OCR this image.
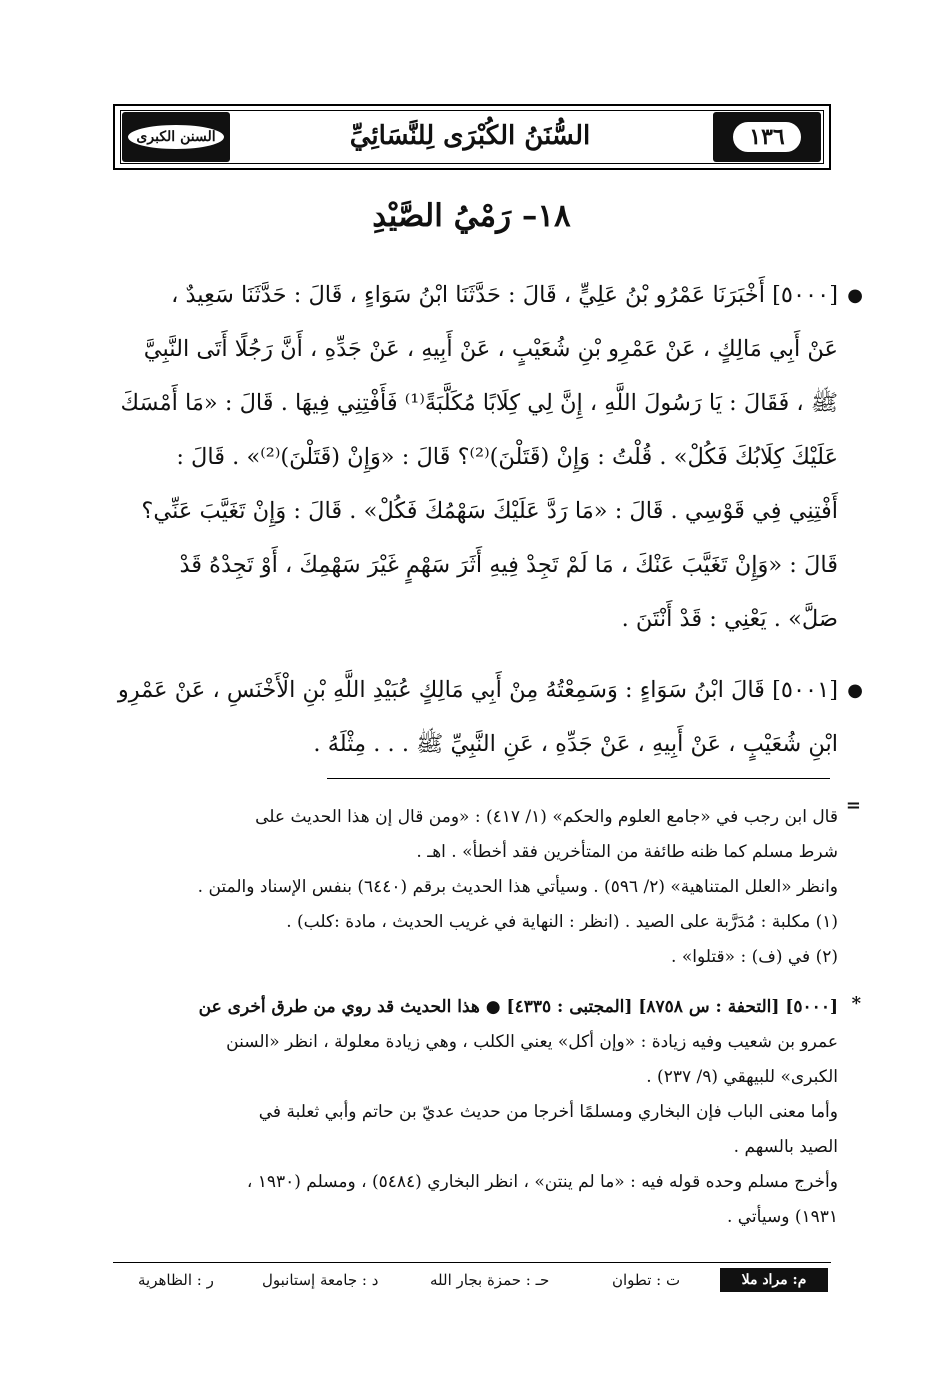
١٣٦
السُّنَنُ الكُبْرَى لِلنَّسَائِيِّ
السنن الكبرى
١٨– رَمْيُ الصَّيْدِ
●
[٥٠٠٠] أَخْبَرَنَا عَمْرُو بْنُ عَلِيٍّ ، قَالَ : حَدَّثَنَا ابْنُ سَوَاءٍ ، قَالَ : حَدَّثَنَا سَعِيدٌ ،
عَنْ أَبِي مَالِكٍ ، عَنْ عَمْرِو بْنِ شُعَيْبٍ ، عَنْ أَبِيهِ ، عَنْ جَدِّهِ ، أَنَّ رَجُلًا أَتَى النَّبِيَّ
ﷺ ، فَقَالَ : يَا رَسُولَ اللَّهِ ، إِنَّ لِي كِلَابًا مُكَلَّبَةً⁽¹⁾ فَأَفْتِنِي فِيهَا . قَالَ : «مَا أَمْسَكَ
عَلَيْكَ كِلَابُكَ فَكُلْ» . قُلْتُ : وَإِنْ (قَتَلْنَ)⁽²⁾؟ قَالَ : «وَإِنْ (قَتَلْنَ)⁽²⁾» . قَالَ :
أَفْتِنِي فِي قَوْسِي . قَالَ : «مَا رَدَّ عَلَيْكَ سَهْمُكَ فَكُلْ» . قَالَ : وَإِنْ تَغَيَّبَ عَنِّي؟
قَالَ : «وَإِنْ تَغَيَّبَ عَنْكَ ، مَا لَمْ تَجِدْ فِيهِ أَثَرَ سَهْمٍ غَيْرَ سَهْمِكَ ، أَوْ تَجِدْهُ قَدْ
صَلَّ» . يَعْنِي : قَدْ أَنْتَنَ .
●
[٥٠٠١] قَالَ ابْنُ سَوَاءٍ : وَسَمِعْتُهُ مِنْ أَبِي مَالِكٍ عُبَيْدِ اللَّهِ بْنِ الْأَخْنَسِ ، عَنْ عَمْرِو
ابْنِ شُعَيْبٍ ، عَنْ أَبِيهِ ، عَنْ جَدِّهِ ، عَنِ النَّبِيِّ ﷺ . . . مِثْلَهُ .
=
قال ابن رجب في «جامع العلوم والحكم» (١/ ٤١٧) : «ومن قال إن هذا الحديث على
شرط مسلم كما ظنه طائفة من المتأخرين فقد أخطأ» . اهـ .
وانظر «العلل المتناهية» (٢/ ٥٩٦) . وسيأتي هذا الحديث برقم (٦٤٤٠) بنفس الإسناد والمتن .
(١) مكلبة : مُدَرَّبة على الصيد . (انظر : النهاية في غريب الحديث ، مادة :كلب) .
(٢) في (ف) : «قتلوا» .
*
[٥٠٠٠] [التحفة : س ٨٧٥٨] [المجتبى : ٤٣٣٥] ● هذا الحديث قد روي من طرق أخرى عن
عمرو بن شعيب وفيه زيادة : «وإن أكل» يعني الكلب ، وهي زيادة معلولة ، انظر «السنن
الكبرى» للبيهقي (٩/ ٢٣٧) .
وأما معنى الباب فإن البخاري ومسلمًا أخرجا من حديث عديّ بن حاتم وأبي ثعلبة في
الصيد بالسهم .
وأخرج مسلم وحده قوله فيه : «ما لم ينتن» ، انظر البخاري (٥٤٨٤) ، ومسلم (١٩٣٠ ،
١٩٣١) وسيأتي .
م: مراد ملا
ت : تطوان
حـ : حمزة بجار الله
د : جامعة إستانبول
ر : الظاهرية
